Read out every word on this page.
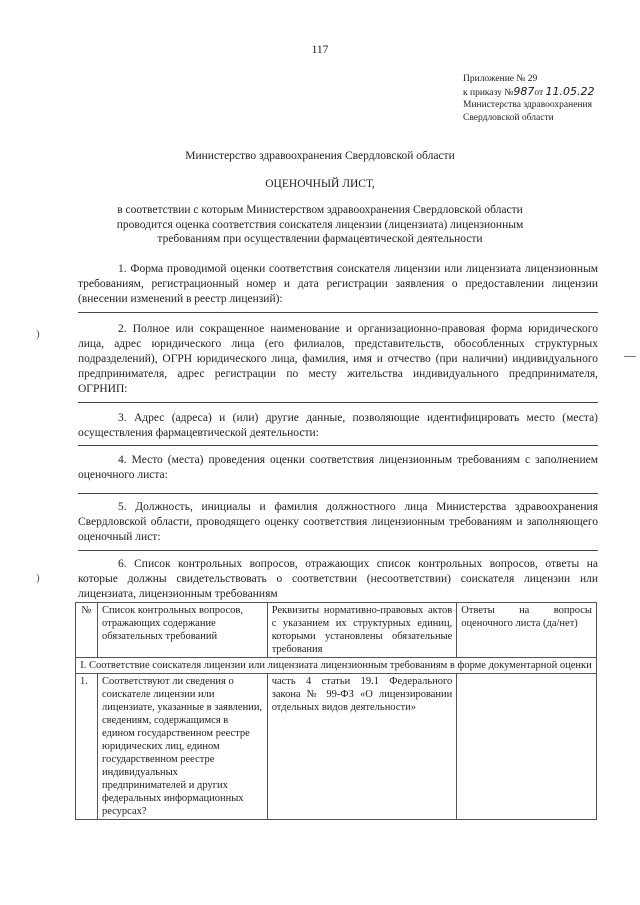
117
Приложение № 29
к приказу №987от 11.05.22
Министерства здравоохранения
Свердловской области
Министерство здравоохранения Свердловской области
ОЦЕНОЧНЫЙ ЛИСТ,
в соответствии с которым Министерством здравоохранения Свердловской области
проводится оценка соответствия соискателя лицензии (лицензиата) лицензионным
требованиям при осуществлении фармацевтической деятельности
1. Форма проводимой оценки соответствия соискателя лицензии или лицензиата лицензионным требованиям, регистрационный номер и дата регистрации заявления о предоставлении лицензии (внесении изменений в реестр лицензий):
2. Полное или сокращенное наименование и организационно-правовая форма юридического лица, адрес юридического лица (его филиалов, представительств, обособленных структурных подразделений), ОГРН юридического лица, фамилия, имя и отчество (при наличии) индивидуального предпринимателя, адрес регистрации по месту жительства индивидуального предпринимателя, ОГРНИП:
3. Адрес (адреса) и (или) другие данные, позволяющие идентифицировать место (места) осуществления фармацевтической деятельности:
4. Место (места) проведения оценки соответствия лицензионным требованиям с заполнением оценочного листа:
5. Должность, инициалы и фамилия должностного лица Министерства здравоохранения Свердловской области, проводящего оценку соответствия лицензионным требованиям и заполняющего оценочный лист:
6. Список контрольных вопросов, отражающих список контрольных вопросов, ответы на которые должны свидетельствовать о соответствии (несоответствии) соискателя лицензии или лицензиата, лицензионным требованиям
№	Список контрольных вопросов, отражающих содержание обязательных требований	Реквизиты нормативно-правовых актов с указанием их структурных единиц, которыми установлены обязательные требования	Ответы на вопросы оценочного листа (да/нет)
I. Соответствие соискателя лицензии или лицензиата лицензионным требованиям в форме документарной оценки			
1.	Соответствуют ли сведения о соискателе лицензии или лицензиате, указанные в заявлении, сведениям, содержащимся в едином государственном реестре юридических лиц, едином государственном реестре индивидуальных предпринимателей и других федеральных информационных ресурсах?	часть 4 статьи 19.1 Федерального закона № 99-ФЗ «О лицензировании отдельных видов деятельности»	
)
)
